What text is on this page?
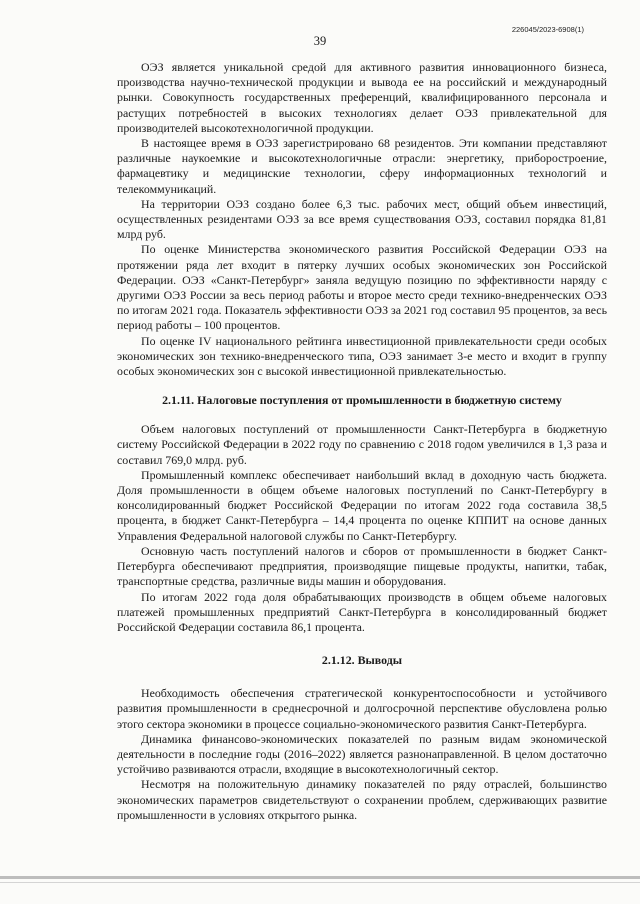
226045/2023-6908(1)
39

ОЭЗ является уникальной средой для активного развития инновационного бизнеса, производства научно-технической продукции и вывода ее на российский и международный рынки. Совокупность государственных преференций, квалифицированного персонала и растущих потребностей в высоких технологиях делает ОЭЗ привлекательной для производителей высокотехнологичной продукции.

В настоящее время в ОЭЗ зарегистрировано 68 резидентов. Эти компании представляют различные наукоемкие и высокотехнологичные отрасли: энергетику, приборостроение, фармацевтику и медицинские технологии, сферу информационных технологий и телекоммуникаций.

На территории ОЭЗ создано более 6,3 тыс. рабочих мест, общий объем инвестиций, осуществленных резидентами ОЭЗ за все время существования ОЭЗ, составил порядка 81,81 млрд руб.

По оценке Министерства экономического развития Российской Федерации ОЭЗ на протяжении ряда лет входит в пятерку лучших особых экономических зон Российской Федерации. ОЭЗ «Санкт-Петербург» заняла ведущую позицию по эффективности наряду с другими ОЭЗ России за весь период работы и второе место среди технико-внедренческих ОЭЗ по итогам 2021 года. Показатель эффективности ОЭЗ за 2021 год составил 95 процентов, за весь период работы – 100 процентов.

По оценке IV национального рейтинга инвестиционной привлекательности среди особых экономических зон технико-внедренческого типа, ОЭЗ занимает 3-е место и входит в группу особых экономических зон с высокой инвестиционной привлекательностью.

2.1.11. Налоговые поступления от промышленности в бюджетную систему

Объем налоговых поступлений от промышленности Санкт-Петербурга в бюджетную систему Российской Федерации в 2022 году по сравнению с 2018 годом увеличился в 1,3 раза и составил 769,0 млрд. руб.

Промышленный комплекс обеспечивает наибольший вклад в доходную часть бюджета. Доля промышленности в общем объеме налоговых поступлений по Санкт-Петербургу в консолидированный бюджет Российской Федерации по итогам 2022 года составила 38,5 процента, в бюджет Санкт-Петербурга – 14,4 процента по оценке КППИТ на основе данных Управления Федеральной налоговой службы по Санкт-Петербургу.

Основную часть поступлений налогов и сборов от промышленности в бюджет Санкт-Петербурга обеспечивают предприятия, производящие пищевые продукты, напитки, табак, транспортные средства, различные виды машин и оборудования.

По итогам 2022 года доля обрабатывающих производств в общем объеме налоговых платежей промышленных предприятий Санкт-Петербурга в консолидированный бюджет Российской Федерации составила 86,1 процента.

2.1.12. Выводы

Необходимость обеспечения стратегической конкурентоспособности и устойчивого развития промышленности в среднесрочной и долгосрочной перспективе обусловлена ролью этого сектора экономики в процессе социально-экономического развития Санкт-Петербурга.

Динамика финансово-экономических показателей по разным видам экономической деятельности в последние годы (2016–2022) является разнонаправленной. В целом достаточно устойчиво развиваются отрасли, входящие в высокотехнологичный сектор.

Несмотря на положительную динамику показателей по ряду отраслей, большинство экономических параметров свидетельствуют о сохранении проблем, сдерживающих развитие промышленности в условиях открытого рынка.
